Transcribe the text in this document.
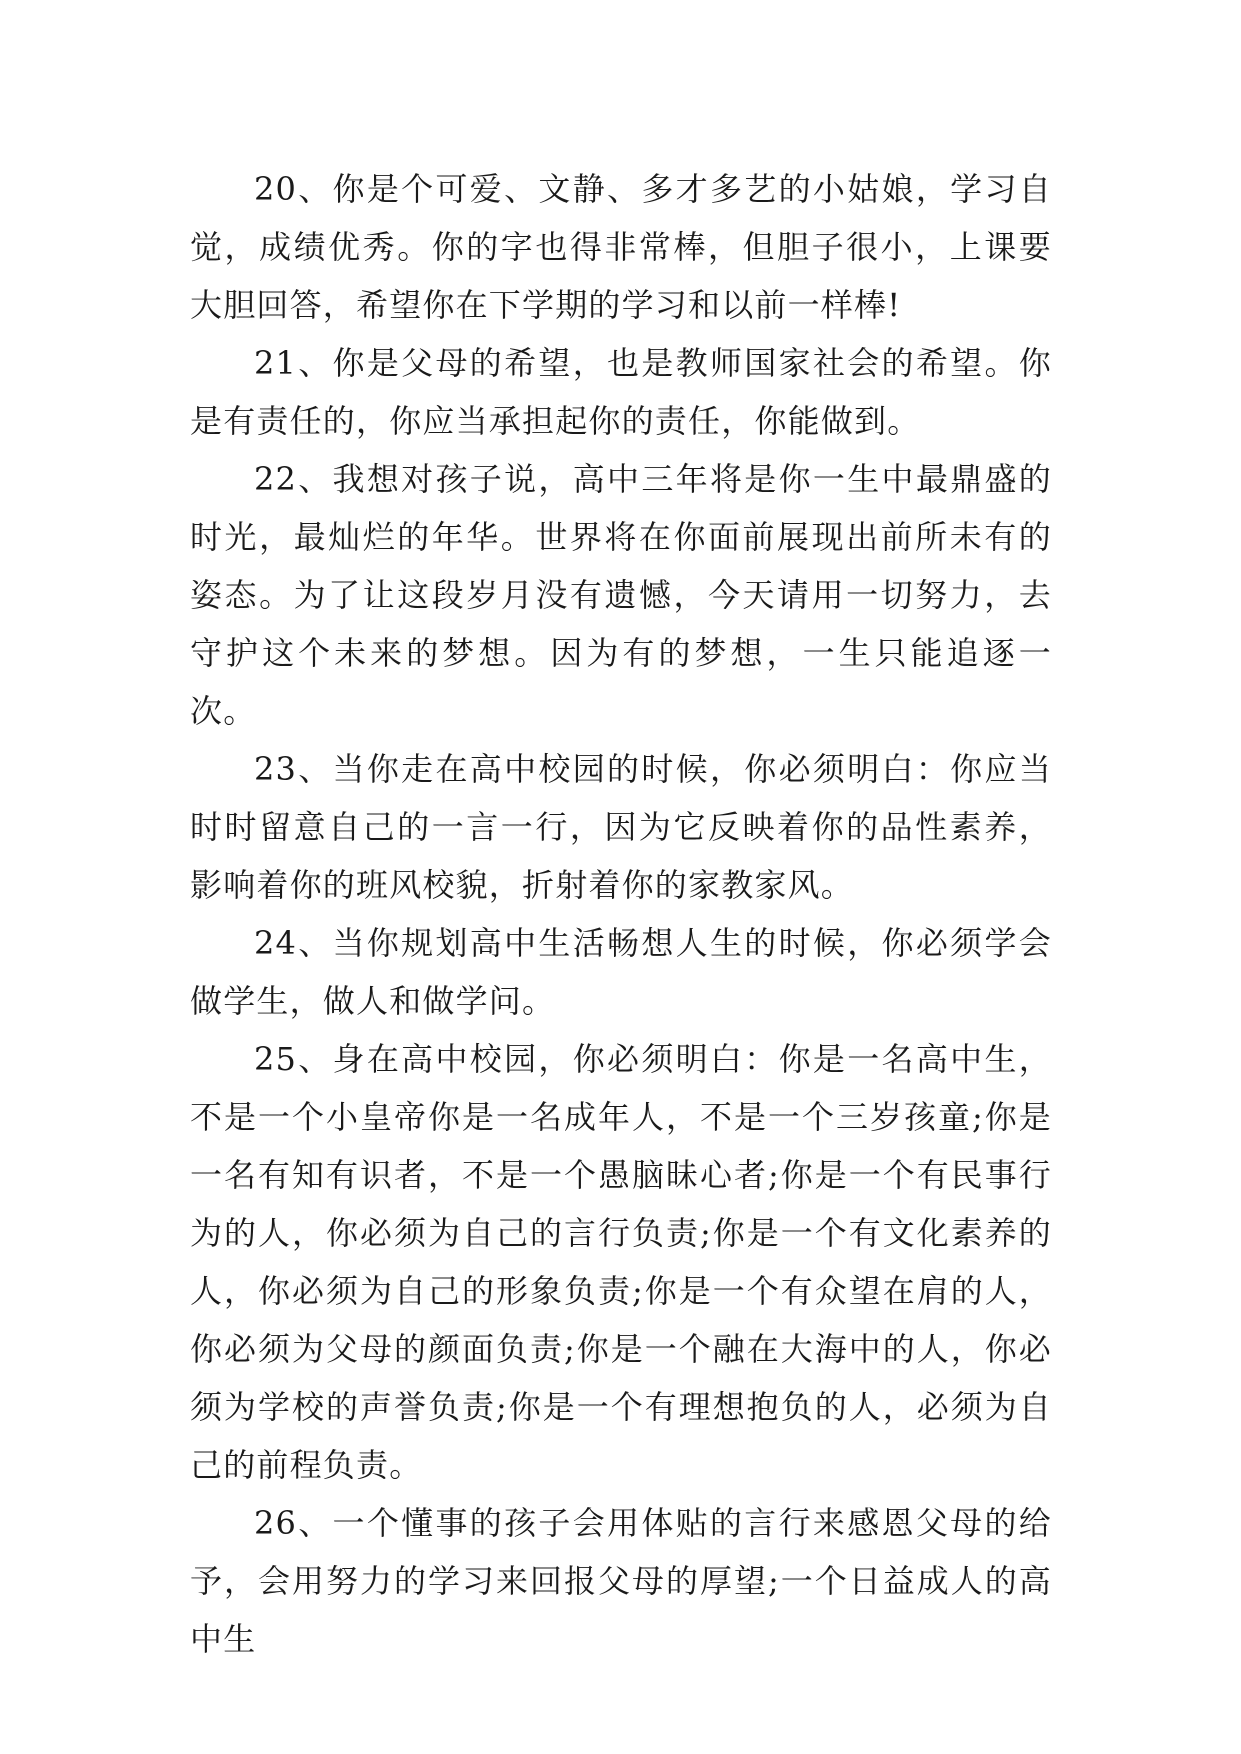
20、你是个可爱、文静、多才多艺的小姑娘，学习自觉，成绩优秀。你的字也得非常棒，但胆子很小，上课要大胆回答，希望你在下学期的学习和以前一样棒!

21、你是父母的希望，也是教师国家社会的希望。你是有责任的，你应当承担起你的责任，你能做到。

22、我想对孩子说，高中三年将是你一生中最鼎盛的时光，最灿烂的年华。世界将在你面前展现出前所未有的姿态。为了让这段岁月没有遗憾，今天请用一切努力，去守护这个未来的梦想。因为有的梦想，一生只能追逐一次。

23、当你走在高中校园的时候，你必须明白：你应当时时留意自己的一言一行，因为它反映着你的品性素养，影响着你的班风校貌，折射着你的家教家风。

24、当你规划高中生活畅想人生的时候，你必须学会做学生，做人和做学问。

25、身在高中校园，你必须明白：你是一名高中生，不是一个小皇帝你是一名成年人，不是一个三岁孩童;你是一名有知有识者，不是一个愚脑昧心者;你是一个有民事行为的人，你必须为自己的言行负责;你是一个有文化素养的人，你必须为自己的形象负责;你是一个有众望在肩的人，你必须为父母的颜面负责;你是一个融在大海中的人，你必须为学校的声誉负责;你是一个有理想抱负的人，必须为自己的前程负责。

26、一个懂事的孩子会用体贴的言行来感恩父母的给予，会用努力的学习来回报父母的厚望;一个日益成人的高中生
